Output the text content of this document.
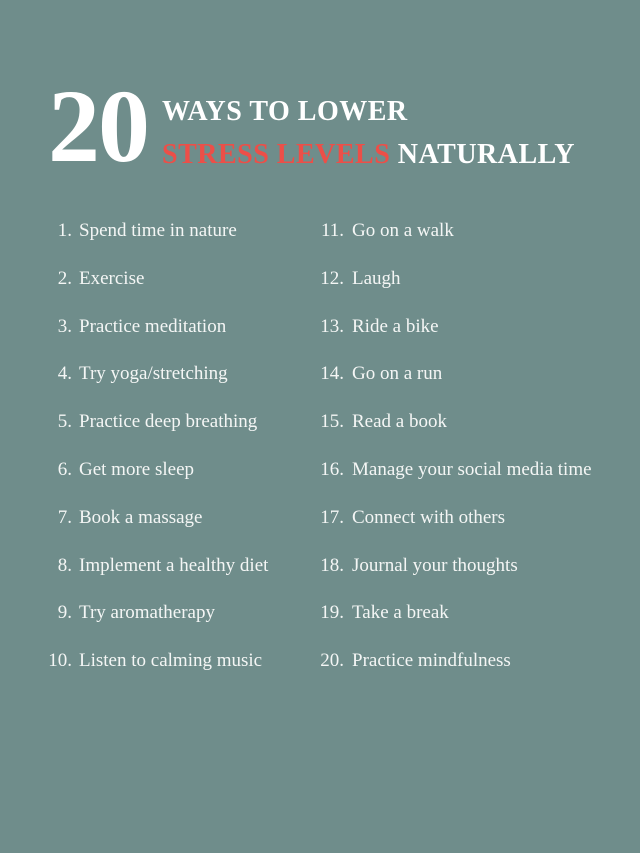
20 WAYS TO LOWER
STRESS LEVELS NATURALLY
1. Spend time in nature
2. Exercise
3. Practice meditation
4. Try yoga/stretching
5. Practice deep breathing
6. Get more sleep
7. Book a massage
8. Implement a healthy diet
9. Try aromatherapy
10. Listen to calming music
11. Go on a walk
12. Laugh
13. Ride a bike
14. Go on a run
15. Read a book
16. Manage your social media time
17. Connect with others
18. Journal your thoughts
19. Take a break
20. Practice mindfulness
